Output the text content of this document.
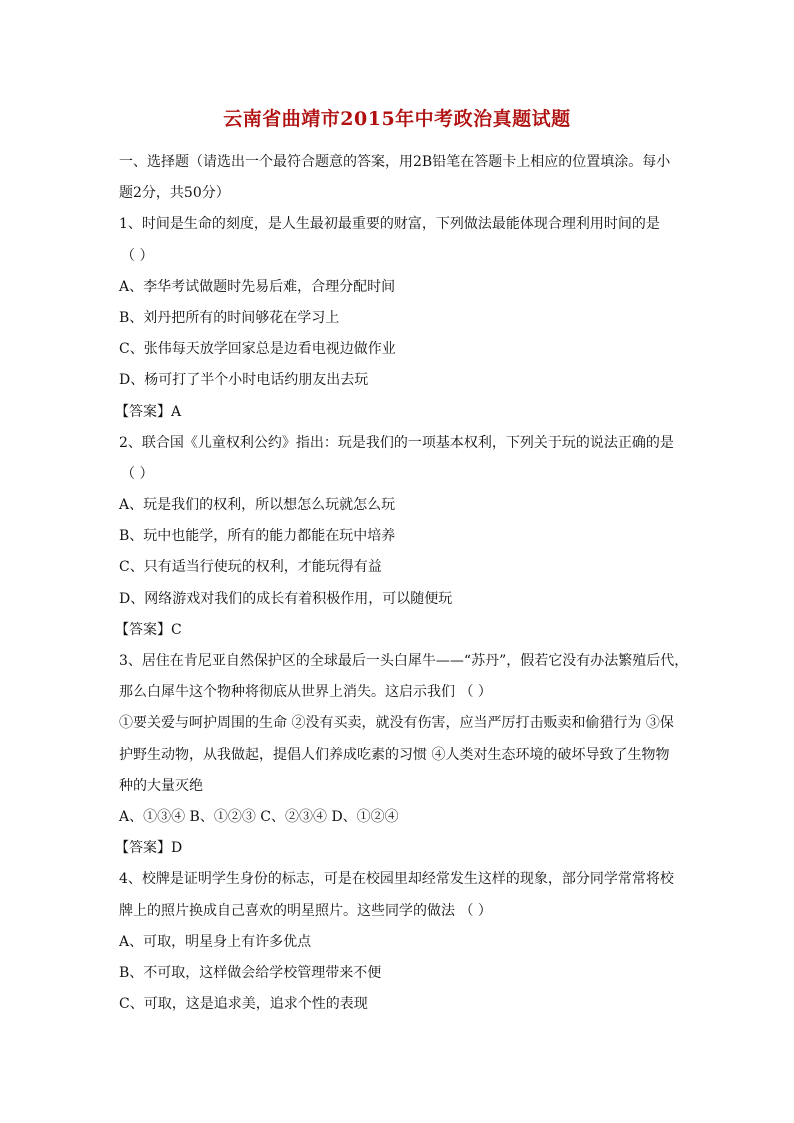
云南省曲靖市2015年中考政治真题试题
一、选择题（请选出一个最符合题意的答案，用2B铅笔在答题卡上相应的位置填涂。每小
题2分，共50分）
1、时间是生命的刻度，是人生最初最重要的财富，下列做法最能体现合理利用时间的是
（ ）
A、李华考试做题时先易后难，合理分配时间
B、刘丹把所有的时间够花在学习上
C、张伟每天放学回家总是边看电视边做作业
D、杨可打了半个小时电话约朋友出去玩
【答案】A
2、联合国《儿童权利公约》指出：玩是我们的一项基本权利，下列关于玩的说法正确的是
（ ）
A、玩是我们的权利，所以想怎么玩就怎么玩
B、玩中也能学，所有的能力都能在玩中培养
C、只有适当行使玩的权利，才能玩得有益
D、网络游戏对我们的成长有着积极作用，可以随便玩
【答案】C
3、居住在肯尼亚自然保护区的全球最后一头白犀牛——“苏丹”，假若它没有办法繁殖后代，
那么白犀牛这个物种将彻底从世界上消失。这启示我们 （ ）
①要关爱与呵护周围的生命 ②没有买卖，就没有伤害，应当严厉打击贩卖和偷猎行为 ③保
护野生动物，从我做起，提倡人们养成吃素的习惯 ④人类对生态环境的破坏导致了生物物
种的大量灭绝
A、①③④ B、①②③ C、②③④ D、①②④
【答案】D
4、校牌是证明学生身份的标志，可是在校园里却经常发生这样的现象，部分同学常常将校
牌上的照片换成自己喜欢的明星照片。这些同学的做法 （ ）
A、可取，明星身上有许多优点
B、不可取，这样做会给学校管理带来不便
C、可取，这是追求美，追求个性的表现
